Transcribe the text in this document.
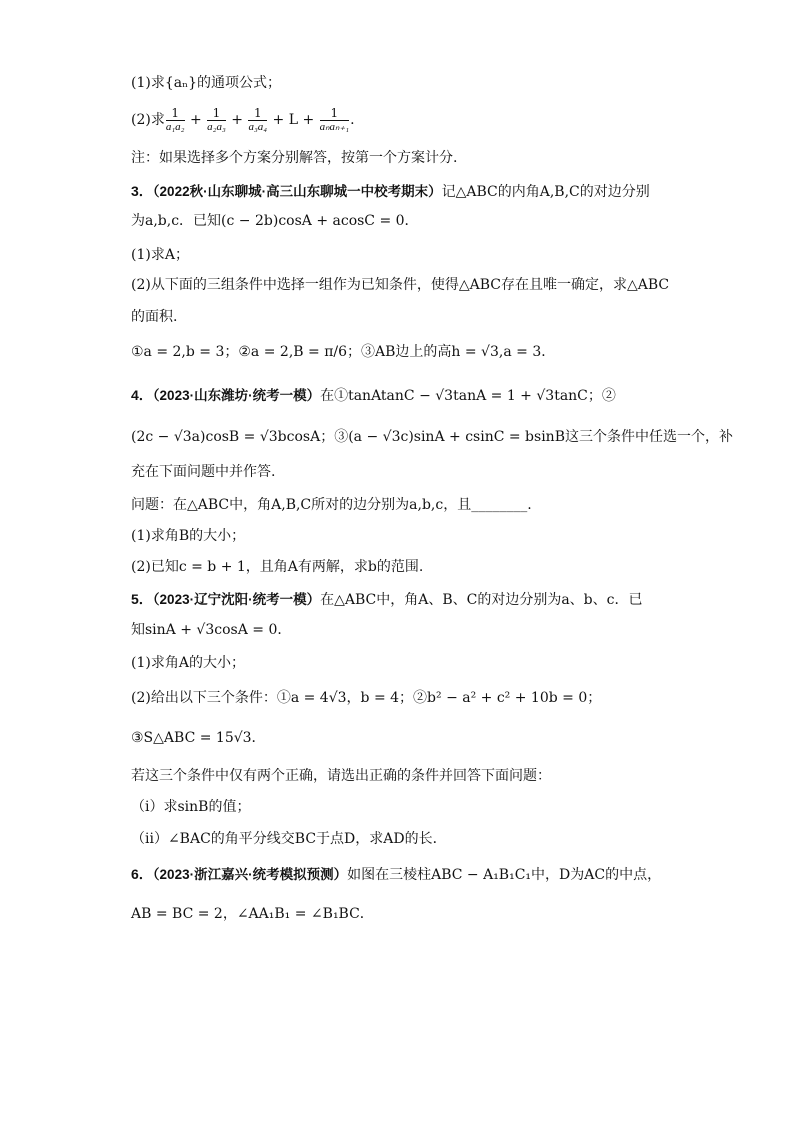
(1)求{aₙ}的通项公式；
(2)求 $\frac{1}{\text{a₁a₂}} + \frac{1}{\text{a₂a₃}} + \frac{1}{\text{a₃a₄}} + L + \frac{1}{\text{aₙaₙ₊₁}}$ .
注：如果选择多个方案分别解答，按第一个方案计分.
3．（2022秋·山东聊城·高三山东聊城一中校考期末）记△ABC的内角A,B,C的对边分别
为a,b,c．已知(c − 2b)cosA + acosC = 0．
(1)求A；
(2)从下面的三组条件中选择一组作为已知条件，使得△ABC存在且唯一确定，求△ABC
的面积.
①a = 2,b = 3；②a = 2,B = π/6；③AB边上的高h = √3,a = 3．
4．（2023·山东潍坊·统考一模）在①tanAtanC − √3tanA = 1 + √3tanC；②
(2c − √3a)cosB = √3bcosA；③(a − √3c)sinA + csinC = bsinB这三个条件中任选一个，补
充在下面问题中并作答.
问题：在△ABC中，角A,B,C所对的边分别为a,b,c，且________.
(1)求角B的大小；
(2)已知c = b + 1，且角A有两解，求b的范围.
5．（2023·辽宁沈阳·统考一模）在△ABC中，角A、B、C的对边分别为a、b、c．已
知sinA + √3cosA = 0．
(1)求角A的大小；
(2)给出以下三个条件：①a = 4√3，b = 4；②b² − a² + c² + 10b = 0；
③S△ABC = 15√3．
若这三个条件中仅有两个正确，请选出正确的条件并回答下面问题：
（i）求sinB的值；
（ii）∠BAC的角平分线交BC于点D，求AD的长．
6．（2023·浙江嘉兴·统考模拟预测）如图在三棱柱ABC − A₁B₁C₁中，D为AC的中点，
AB = BC = 2，∠AA₁B₁ = ∠B₁BC．
